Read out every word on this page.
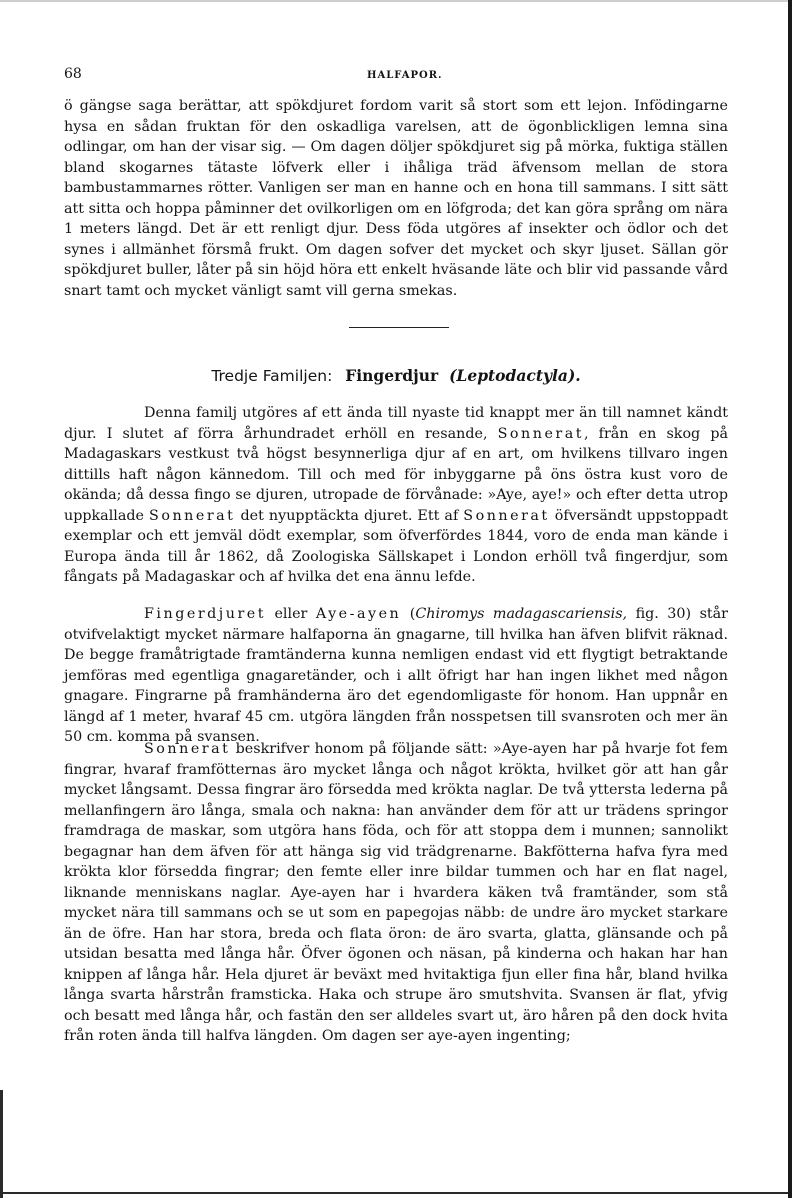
68	HALFAPOR.

ö gängse saga berättar, att spökdjuret fordom varit så stort som ett lejon. Infödingarne hysa en sådan fruktan för den oskadliga varelsen, att de ögonblickligen lemna sina odlingar, om han der visar sig. — Om dagen döljer spökdjuret sig på mörka, fuktiga ställen bland skogarnes tätaste löfverk eller i ihåliga träd äfvensom mellan de stora bambustammarnes rötter. Vanligen ser man en hanne och en hona till sammans. I sitt sätt att sitta och hoppa påminner det ovilkorligen om en löfgroda; det kan göra språng om nära 1 meters längd. Det är ett renligt djur. Dess föda utgöres af insekter och ödlor och det synes i allmänhet försmå frukt. Om dagen sofver det mycket och skyr ljuset. Sällan gör spökdjuret buller, låter på sin höjd höra ett enkelt hväsande läte och blir vid passande vård snart tamt och mycket vänligt samt vill gerna smekas.

Tredje Familjen: Fingerdjur (Leptodactyla).

Denna familj utgöres af ett ända till nyaste tid knappt mer än till namnet kändt djur. I slutet af förra århundradet erhöll en resande, Sonnerat, från en skog på Madagaskars vestkust två högst besynnerliga djur af en art, om hvilkens tillvaro ingen dittills haft någon kännedom. Till och med för inbyggarne på öns östra kust voro de okända; då dessa fingo se djuren, utropade de förvånade: »Aye, aye!» och efter detta utrop uppkallade Sonnerat det nyupptäckta djuret. Ett af Sonnerat öfversändt uppstoppadt exemplar och ett jemväl dödt exemplar, som öfverfördes 1844, voro de enda man kände i Europa ända till år 1862, då Zoologiska Sällskapet i London erhöll två fingerdjur, som fångats på Madagaskar och af hvilka det ena ännu lefde.

Fingerdjuret eller Aye-ayen (Chiromys madagascariensis, fig. 30) står otvifvelaktigt mycket närmare halfaporna än gnagarne, till hvilka han äfven blifvit räknad. De begge framåtrigtade framtänderna kunna nemligen endast vid ett flygtigt betraktande jemföras med egentliga gnagaretänder, och i allt öfrigt har han ingen likhet med någon gnagare. Fingrarne på framhänderna äro det egendomligaste för honom. Han uppnår en längd af 1 meter, hvaraf 45 cm. utgöra längden från nosspetsen till svansroten och mer än 50 cm. komma på svansen.

Sonnerat beskrifver honom på följande sätt: »Aye-ayen har på hvarje fot fem fingrar, hvaraf framfötternas äro mycket långa och något krökta, hvilket gör att han går mycket långsamt. Dessa fingrar äro försedda med krökta naglar. De två yttersta lederna på mellanfingern äro långa, smala och nakna: han använder dem för att ur trädens springor framdraga de maskar, som utgöra hans föda, och för att stoppa dem i munnen; sannolikt begagnar han dem äfven för att hänga sig vid trädgrenarne. Bakfötterna hafva fyra med krökta klor försedda fingrar; den femte eller inre bildar tummen och har en flat nagel, liknande menniskans naglar. Aye-ayen har i hvardera käken två framtänder, som stå mycket nära till sammans och se ut som en papegojas näbb: de undre äro mycket starkare än de öfre. Han har stora, breda och flata öron: de äro svarta, glatta, glänsande och på utsidan besatta med långa hår. Öfver ögonen och näsan, på kinderna och hakan har han knippen af långa hår. Hela djuret är beväxt med hvitaktiga fjun eller fina hår, bland hvilka långa svarta hårstrån framsticka. Haka och strupe äro smutshvita. Svansen är flat, yfvig och besatt med långa hår, och fastän den ser alldeles svart ut, äro håren på den dock hvita från roten ända till halfva längden. Om dagen ser aye-ayen ingenting;
